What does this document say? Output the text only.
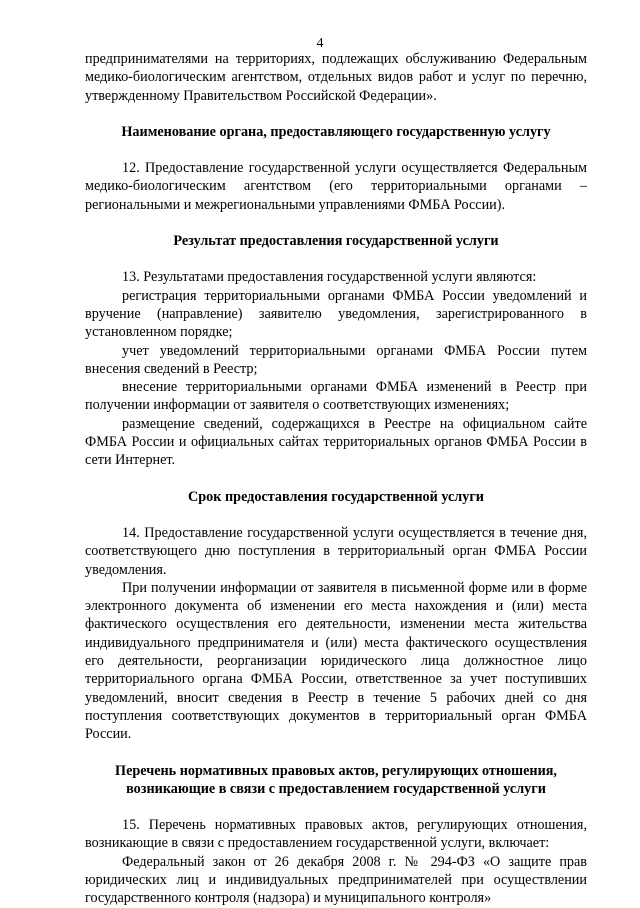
4

предпринимателями на территориях, подлежащих обслуживанию Федеральным медико-биологическим агентством, отдельных видов работ и услуг по перечню, утвержденному Правительством Российской Федерации».

Наименование органа, предоставляющего государственную услугу

12. Предоставление государственной услуги осуществляется Федеральным медико-биологическим агентством (его территориальными органами – региональными и межрегиональными управлениями ФМБА России).

Результат предоставления государственной услуги

13. Результатами предоставления государственной услуги являются:

регистрация территориальными органами ФМБА России уведомлений и вручение (направление) заявителю уведомления, зарегистрированного в установленном порядке;

учет уведомлений территориальными органами ФМБА России путем внесения сведений в Реестр;

внесение территориальными органами ФМБА изменений в Реестр при получении информации от заявителя о соответствующих изменениях;

размещение сведений, содержащихся в Реестре на официальном сайте ФМБА России и официальных сайтах территориальных органов ФМБА России в сети Интернет.

Срок предоставления государственной услуги

14. Предоставление государственной услуги осуществляется в течение дня, соответствующего дню поступления в территориальный орган ФМБА России уведомления.

При получении информации от заявителя в письменной форме или в форме электронного документа об изменении его места нахождения и (или) места фактического осуществления его деятельности, изменении места жительства индивидуального предпринимателя и (или) места фактического осуществления его деятельности, реорганизации юридического лица должностное лицо территориального органа ФМБА России, ответственное за учет поступивших уведомлений, вносит сведения в Реестр в течение 5 рабочих дней со дня поступления соответствующих документов в территориальный орган ФМБА России.

Перечень нормативных правовых актов, регулирующих отношения, возникающие в связи с предоставлением государственной услуги

15. Перечень нормативных правовых актов, регулирующих отношения, возникающие в связи с предоставлением государственной услуги, включает:

Федеральный закон от 26 декабря 2008 г. № 294-ФЗ «О защите прав юридических лиц и индивидуальных предпринимателей при осуществлении государственного контроля (надзора) и муниципального контроля»
